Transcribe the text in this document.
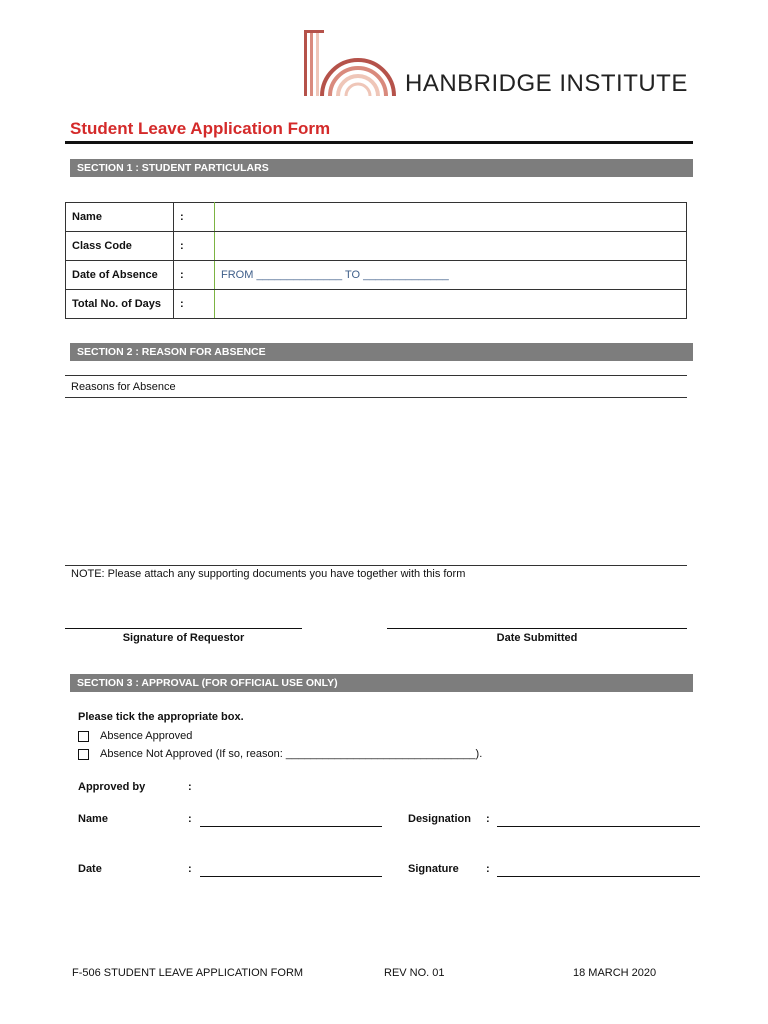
HANBRIDGE INSTITUTE
Student Leave Application Form
SECTION 1 : STUDENT PARTICULARS
Name	:	
Class Code	:	
Date of Absence	:	FROM ______________ TO ______________
Total No. of Days	:	
SECTION 2 : REASON FOR ABSENCE
Reasons for Absence
NOTE: Please attach any supporting documents you have together with this form
Signature of Requestor	Date Submitted
SECTION 3 : APPROVAL (FOR OFFICIAL USE ONLY)
Please tick the appropriate box.
Absence Approved
Absence Not Approved (If so, reason: _______________________________).
Approved by	:
Name	:	Designation :
Date	:	Signature :
F-506 STUDENT LEAVE APPLICATION FORM	REV NO. 01	18 MARCH 2020
